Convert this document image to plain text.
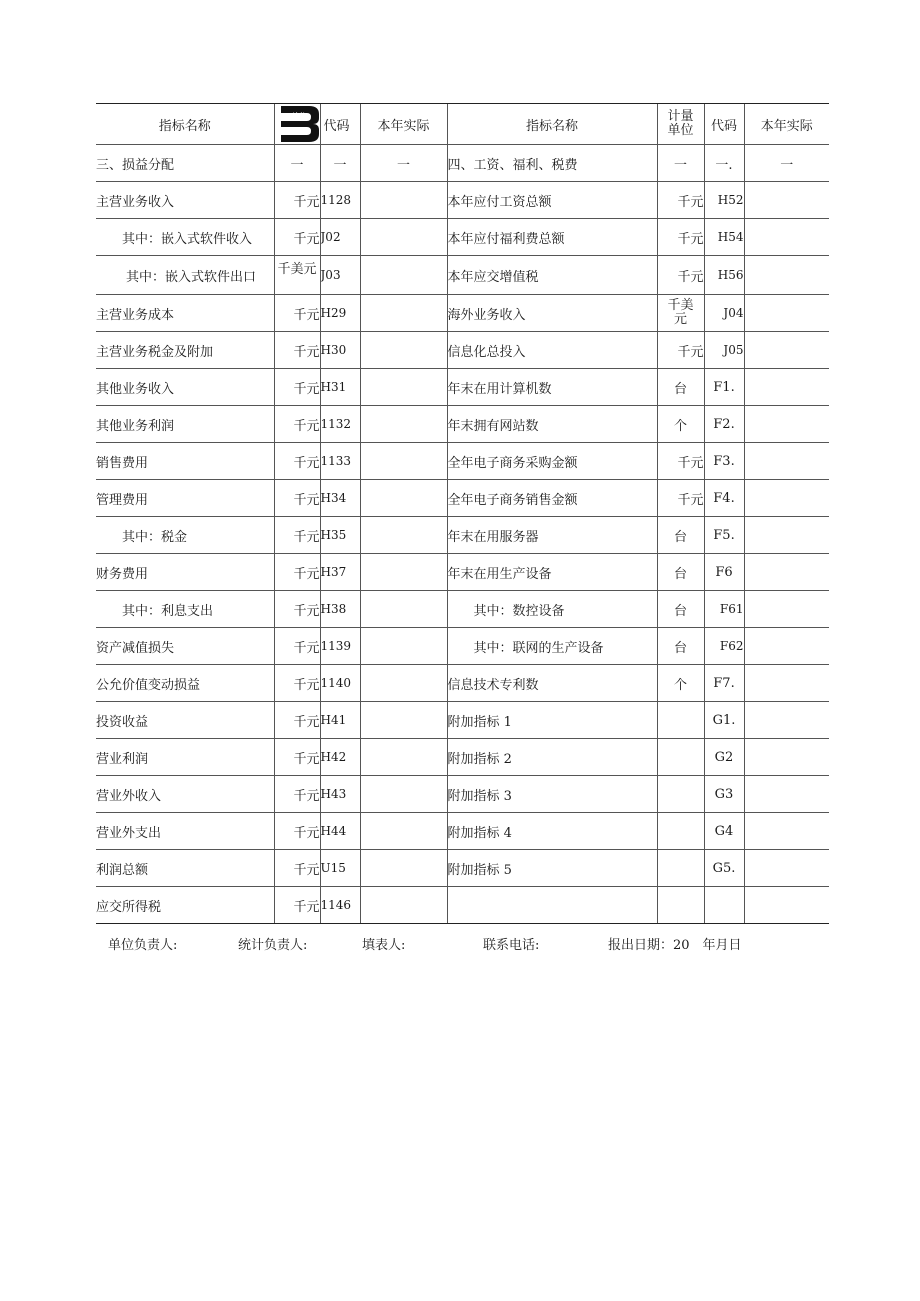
指标名称	单位	代码	本年实际	指标名称	计量单位	代码	本年实际
三、损益分配	一	一	一	四、工资、福利、税费	一	一.	一
主营业务收入	千元	1128		本年应付工资总额	千元	H52	
其中：嵌入式软件收入	千元	J02		本年应付福利费总额	千元	H54	
其中：嵌入式软件出口	千美元	J03		本年应交增值税	千元	H56	
主营业务成本	千元	H29		海外业务收入	千美元	J04	
主营业务税金及附加	千元	H30		信息化总投入	千元	J05	
其他业务收入	千元	H31		年末在用计算机数	台	F1.	
其他业务利润	千元	1132		年末拥有网站数	个	F2.	
销售费用	千元	1133		全年电子商务采购金额	千元	F3.	
管理费用	千元	H34		全年电子商务销售金额	千元	F4.	
其中：税金	千元	H35		年末在用服务器	台	F5.	
财务费用	千元	H37		年末在用生产设备	台	F6	
其中：利息支出	千元	H38		其中：数控设备	台	F61	
资产减值损失	千元	1139		其中：联网的生产设备	台	F62	
公允价值变动损益	千元	1140		信息技术专利数	个	F7.	
投资收益	千元	H41		附加指标 1		G1.	
营业利润	千元	H42		附加指标 2		G2	
营业外收入	千元	H43		附加指标 3		G3	
营业外支出	千元	H44		附加指标 4		G4	
利润总额	千元	U15		附加指标 5		G5.	
应交所得税	千元	1146					
单位负责人:	统计负责人:	填表人:	联系电话:	报出日期：20　年月日
